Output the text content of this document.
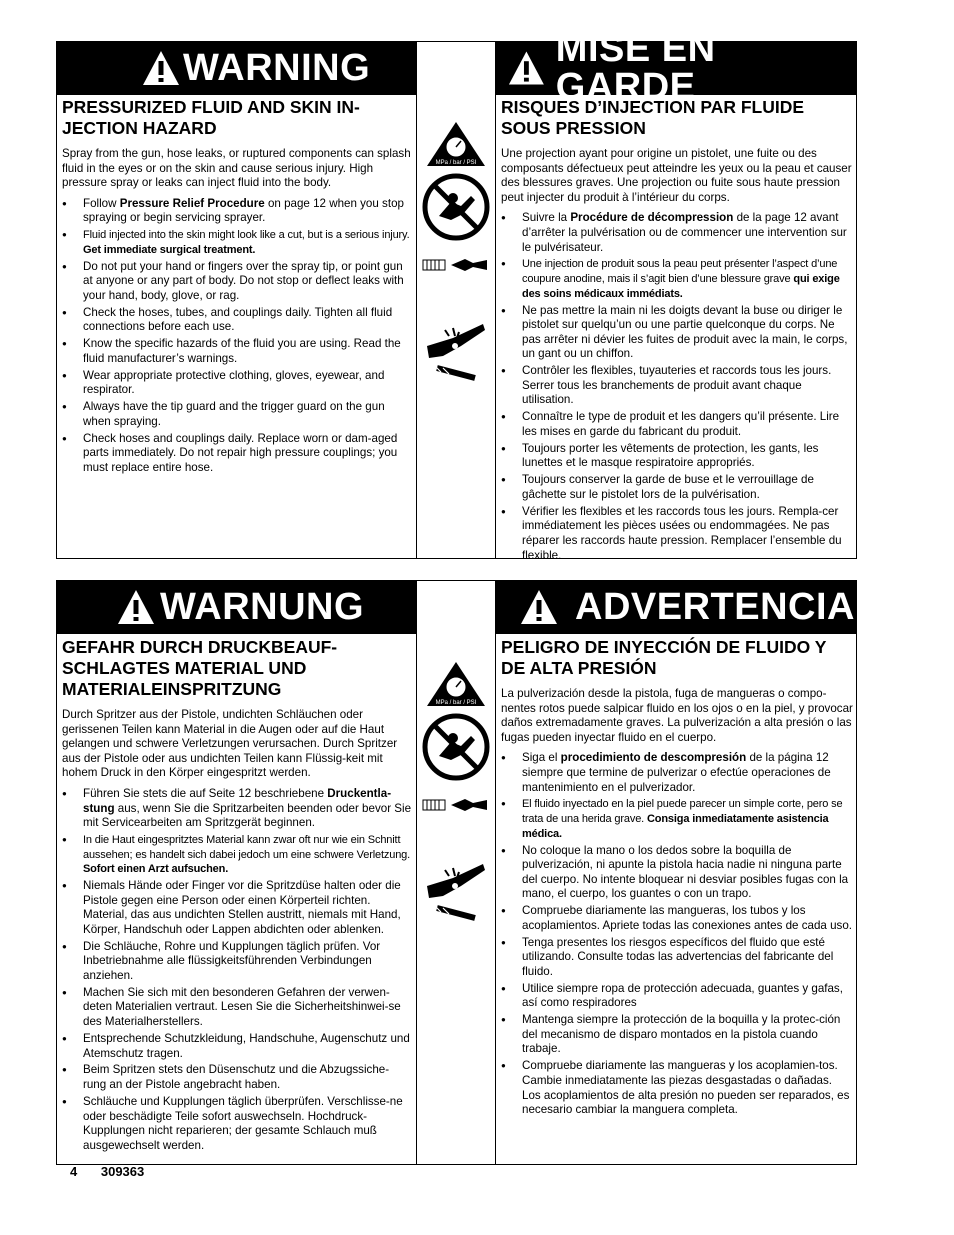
WARNING	MISE EN GARDE
PRESSURIZED FLUID AND SKIN IN-JECTION HAZARD

Spray from the gun, hose leaks, or ruptured components can splash fluid in the eyes or on the skin and cause serious injury. High pressure spray or leaks can inject fluid into the body.

● Follow Pressure Relief Procedure on page 12 when you stop spraying or begin servicing sprayer.
● Fluid injected into the skin might look like a cut, but is a serious injury. Get immediate surgical treatment.
● Do not put your hand or fingers over the spray tip, or point gun at anyone or any part of body. Do not stop or deflect leaks with your hand, body, glove, or rag.
● Check the hoses, tubes, and couplings daily. Tighten all fluid connections before each use.
● Know the specific hazards of the fluid you are using. Read the fluid manufacturer’s warnings.
● Wear appropriate protective clothing, gloves, eyewear, and respirator.
● Always have the tip guard and the trigger guard on the gun when spraying.
● Check hoses and couplings daily. Replace worn or dam-aged parts immediately. Do not repair high pressure couplings; you must replace entire hose.
RISQUES D’INJECTION PAR FLUIDE SOUS PRESSION

Une projection ayant pour origine un pistolet, une fuite ou des composants défectueux peut atteindre les yeux ou la peau et causer des blessures graves. Une projection ou fuite sous haute pression peut injecter du produit à l’intérieur du corps.

● Suivre la Procédure de décompression de la page 12 avant d’arrêter la pulvérisation ou de commencer une intervention sur le pulvérisateur.
● Une injection de produit sous la peau peut présenter l’aspect d’une coupure anodine, mais il s’agit bien d’une blessure grave qui exige des soins médicaux immédiats.
● Ne pas mettre la main ni les doigts devant la buse ou diriger le pistolet sur quelqu’un ou une partie quelconque du corps. Ne pas arrêter ni dévier les fuites de produit avec la main, le corps, un gant ou un chiffon.
● Contrôler les flexibles, tuyauteries et raccords tous les jours. Serrer tous les branchements de produit avant chaque utilisation.
● Connaître le type de produit et les dangers qu’il présente. Lire les mises en garde du fabricant du produit.
● Toujours porter les vêtements de protection, les gants, les lunettes et le masque respiratoire appropriés.
● Toujours conserver la garde de buse et le verrouillage de gâchette sur le pistolet lors de la pulvérisation.
● Vérifier les flexibles et les raccords tous les jours. Rempla-cer immédiatement les pièces usées ou endommagées. Ne pas réparer les raccords haute pression. Remplacer l’ensemble du flexible.
MPa / bar / PSI
WARNUNG	ADVERTENCIA
GEFAHR DURCH DRUCKBEAUF-SCHLAGTES MATERIAL UND MATERIALEINSPRITZUNG

Durch Spritzer aus der Pistole, undichten Schläuchen oder gerissenen Teilen kann Material in die Augen oder auf die Haut gelangen und schwere Verletzungen verursachen. Durch Spritzer aus der Pistole oder aus undichten Teilen kann Flüssig-keit mit hohem Druck in den Körper eingespritzt werden.

● Führen Sie stets die auf Seite 12 beschriebene Druckentla-stung aus, wenn Sie die Spritzarbeiten beenden oder bevor Sie mit Servicearbeiten am Spritzgerät beginnen.
● In die Haut eingespritztes Material kann zwar oft nur wie ein Schnitt aussehen; es handelt sich dabei jedoch um eine schwere Verletzung. Sofort einen Arzt aufsuchen.
● Niemals Hände oder Finger vor die Spritzdüse halten oder die Pistole gegen eine Person oder einen Körperteil richten. Material, das aus undichten Stellen austritt, niemals mit Hand, Körper, Handschuh oder Lappen abdichten oder ablenken.
● Die Schläuche, Rohre und Kupplungen täglich prüfen. Vor Inbetriebnahme alle flüssigkeitsführenden Verbindungen anziehen.
● Machen Sie sich mit den besonderen Gefahren der verwen-deten Materialien vertraut. Lesen Sie die Sicherheitshinwei-se des Materialherstellers.
● Entsprechende Schutzkleidung, Handschuhe, Augenschutz und Atemschutz tragen.
● Beim Spritzen stets den Düsenschutz und die Abzugssiche-rung an der Pistole angebracht haben.
● Schläuche und Kupplungen täglich überprüfen. Verschlisse-ne oder beschädigte Teile sofort auswechseln. Hochdruck-Kupplungen nicht reparieren; der gesamte Schlauch muß ausgewechselt werden.
PELIGRO DE INYECCIÓN DE FLUIDO Y DE ALTA PRESIÓN

La pulverización desde la pistola, fuga de mangueras o compo-nentes rotos puede salpicar fluido en los ojos o en la piel, y provocar daños extremadamente graves. La pulverización a alta presión o las fugas pueden inyectar fluido en el cuerpo.

● Siga el procedimiento de descompresión de la página 12 siempre que termine de pulverizar o efectúe operaciones de mantenimiento en el pulverizador.
● El fluido inyectado en la piel puede parecer un simple corte, pero se trata de una herida grave. Consiga inmediatamente asistencia médica.
● No coloque la mano o los dedos sobre la boquilla de pulverización, ni apunte la pistola hacia nadie ni ninguna parte del cuerpo. No intente bloquear ni desviar posibles fugas con la mano, el cuerpo, los guantes o con un trapo.
● Compruebe diariamente las mangueras, los tubos y los acoplamientos. Apriete todas las conexiones antes de cada uso.
● Tenga presentes los riesgos específicos del fluido que esté utilizando. Consulte todas las advertencias del fabricante del fluido.
● Utilice siempre ropa de protección adecuada, guantes y gafas, así como respiradores
● Mantenga siempre la protección de la boquilla y la protec-ción del mecanismo de disparo montados en la pistola cuando trabaje.
● Compruebe diariamente las mangueras y los acoplamien-tos. Cambie inmediatamente las piezas desgastadas o dañadas. Los acoplamientos de alta presión no pueden ser reparados, es necesario cambiar la manguera completa.
MPa / bar / PSI
4 309363
